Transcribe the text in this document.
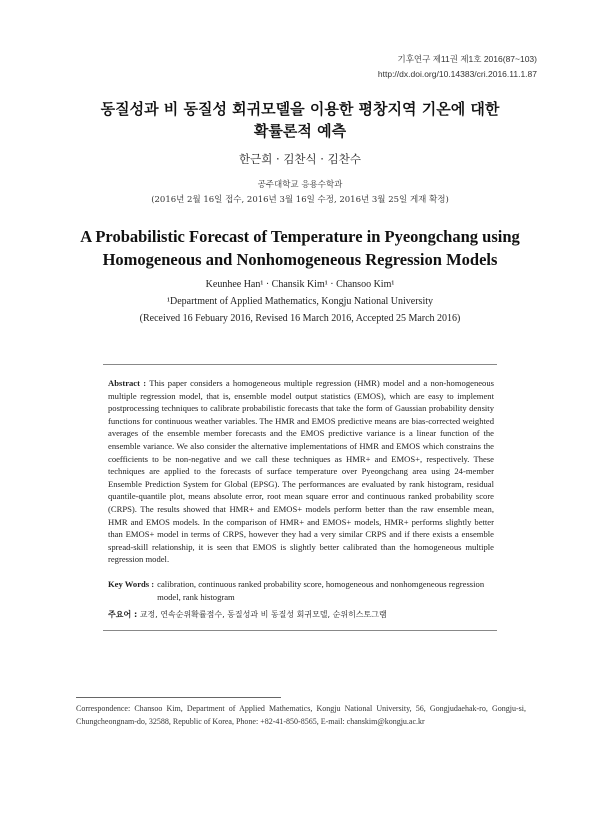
기후연구 제11권 제1호 2016(87~103)
http://dx.doi.org/10.14383/cri.2016.11.1.87
동질성과 비 동질성 회귀모델을 이용한 평창지역 기온에 대한
확률론적 예측
한근희 · 김찬식 · 김찬수
공주대학교 응용수학과
(2016년 2월 16일 접수, 2016년 3월 16일 수정, 2016년 3월 25일 게재 확정)
A Probabilistic Forecast of Temperature in Pyeongchang using
Homogeneous and Nonhomogeneous Regression Models
Keunhee Han¹ · Chansik Kim¹ · Chansoo Kim¹
¹Department of Applied Mathematics, Kongju National University
(Received 16 Febuary 2016, Revised 16 March 2016, Accepted 25 March 2016)
Abstract : This paper considers a homogeneous multiple regression (HMR) model and a non-homogeneous multiple regression model, that is, ensemble model output statistics (EMOS), which are easy to implement postprocessing techniques to calibrate probabilistic forecasts that take the form of Gaussian probability density functions for continuous weather variables. The HMR and EMOS predictive means are bias-corrected weighted averages of the ensemble member forecasts and the EMOS predictive variance is a linear function of the ensemble variance. We also consider the alternative implementations of HMR and EMOS which constrains the coefficients to be non-negative and we call these techniques as HMR+ and EMOS+, respectively. These techniques are applied to the forecasts of surface temperature over Pyeongchang area using 24-member Ensemble Prediction System for Global (EPSG). The performances are evaluated by rank histogram, residual quantile-quantile plot, means absolute error, root mean square error and continuous ranked probability score (CRPS). The results showed that HMR+ and EMOS+ models perform better than the raw ensemble mean, HMR and EMOS models. In the comparison of HMR+ and EMOS+ models, HMR+ performs slightly better than EMOS+ model in terms of CRPS, however they had a very similar CRPS and if there exists a ensemble spread-skill relationship, it is seen that EMOS is slightly better calibrated than the homogeneous multiple regression model.
Key Words : calibration, continuous ranked probability score, homogeneous and nonhomgeneous regression model, rank histogram
주요어 : 교정, 연속순위확률점수, 동질성과 비 동질성 회귀모델, 순위히스토그램
Correspondence: Chansoo Kim, Department of Applied Mathematics, Kongju National University, 56, Gongjudaehak-ro, Gongju-si, Chungcheongnam-do, 32588, Republic of Korea, Phone: +82-41-850-8565, E-mail: chanskim@kongju.ac.kr
